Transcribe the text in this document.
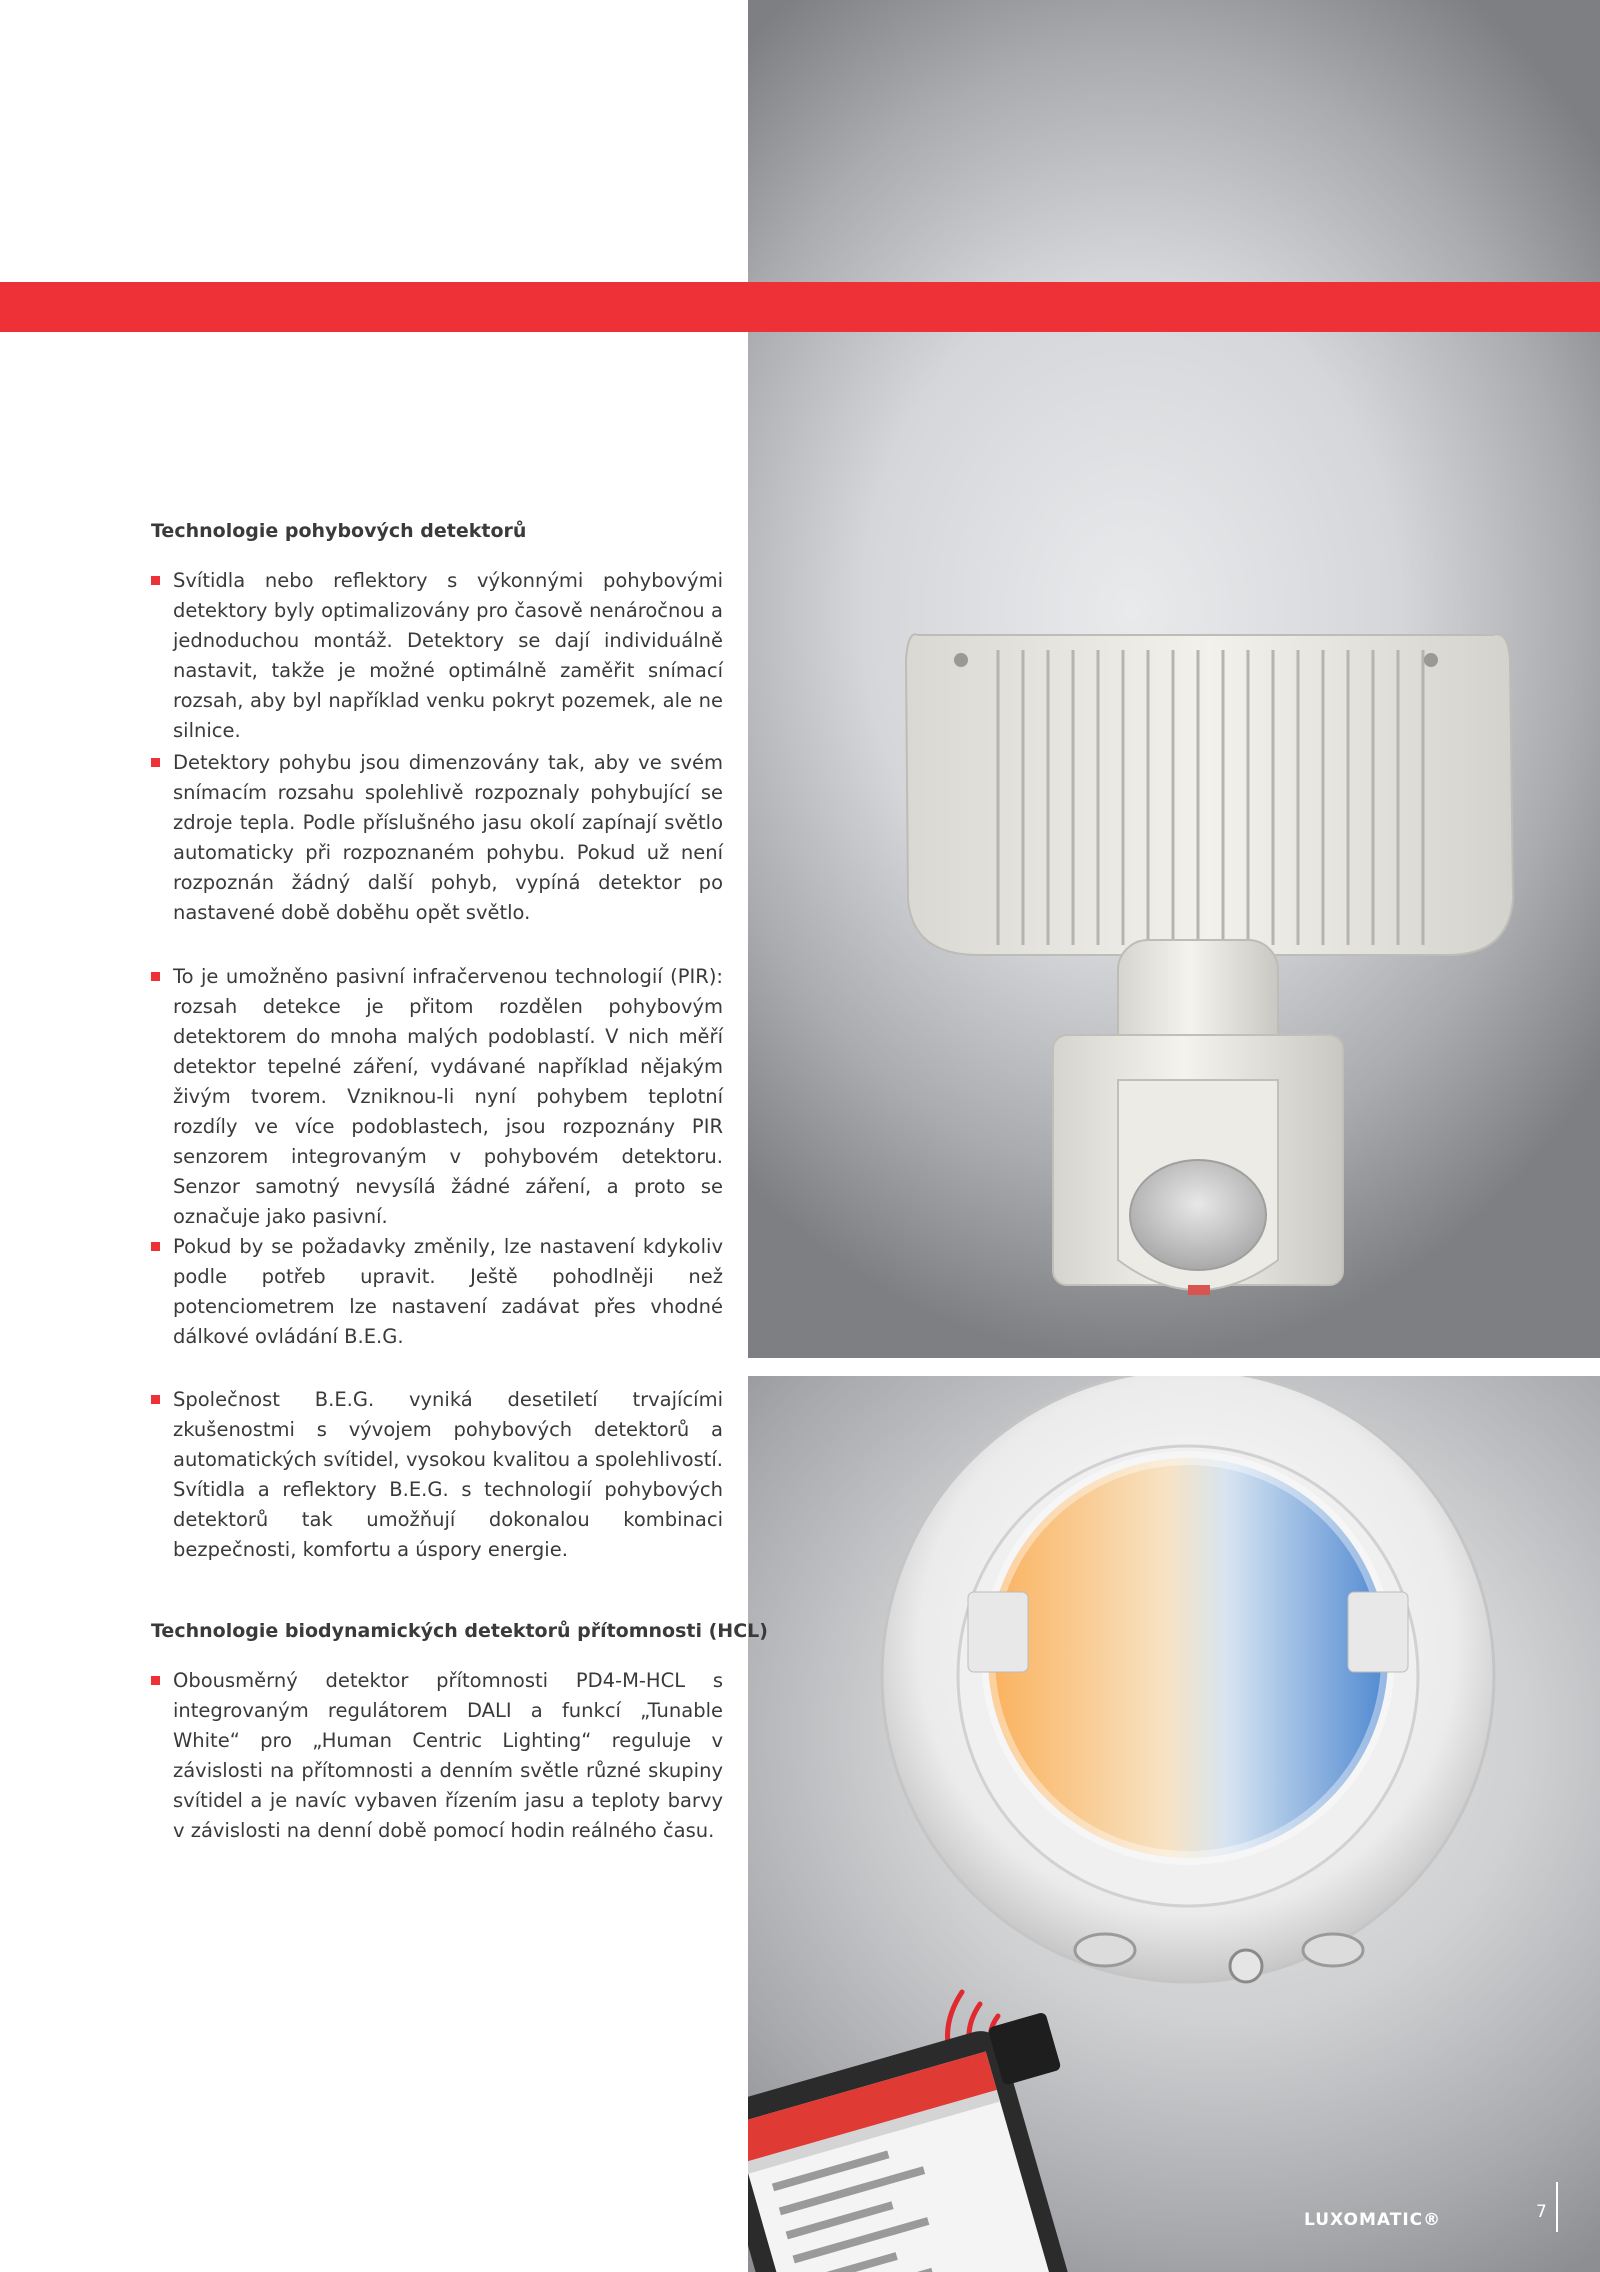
Technologie pohybových detektorů

Svítidla nebo reflektory s výkonnými pohybovými detektory byly optimalizovány pro časově nenáročnou a jednoduchou montáž. Detektory se dají individuálně nastavit, takže je možné optimálně zaměřit snímací rozsah, aby byl například venku pokryt pozemek, ale ne silnice.

Detektory pohybu jsou dimenzovány tak, aby ve svém snímacím rozsahu spolehlivě rozpoznaly pohybující se zdroje tepla. Podle příslušného jasu okolí zapínají světlo automaticky při rozpoznaném pohybu. Pokud už není rozpoznán žádný další pohyb, vypíná detektor po nastavené době doběhu opět světlo.

To je umožněno pasivní infračervenou technologií (PIR): rozsah detekce je přitom rozdělen pohybovým detektorem do mnoha malých podoblastí. V nich měří detektor tepelné záření, vydávané například nějakým živým tvorem. Vzniknou-li nyní pohybem teplotní rozdíly ve více podoblastech, jsou rozpoznány PIR senzorem integrovaným v pohybovém detektoru. Senzor samotný nevysílá žádné záření, a proto se označuje jako pasivní.

Pokud by se požadavky změnily, lze nastavení kdykoliv podle potřeb upravit. Ještě pohodlněji než potenciometrem lze nastavení zadávat přes vhodné dálkové ovládání B.E.G.

Společnost B.E.G. vyniká desetiletí trvajícími zkušenostmi s vývojem pohybových detektorů a automatických svítidel, vysokou kvalitou a spolehlivostí. Svítidla a reflektory B.E.G. s technologií pohybových detektorů tak umožňují dokonalou kombinaci bezpečnosti, komfortu a úspory energie.

Technologie biodynamických detektorů přítomnosti (HCL)

Obousměrný detektor přítomnosti PD4-M-HCL s integrovaným regulátorem DALI a funkcí „Tunable White“ pro „Human Centric Lighting“ reguluje v závislosti na přítomnosti a denním světle různé skupiny svítidel a je navíc vybaven řízením jasu a teploty barvy v závislosti na denní době pomocí hodin reálného času.

LUXOMATIC®	7
